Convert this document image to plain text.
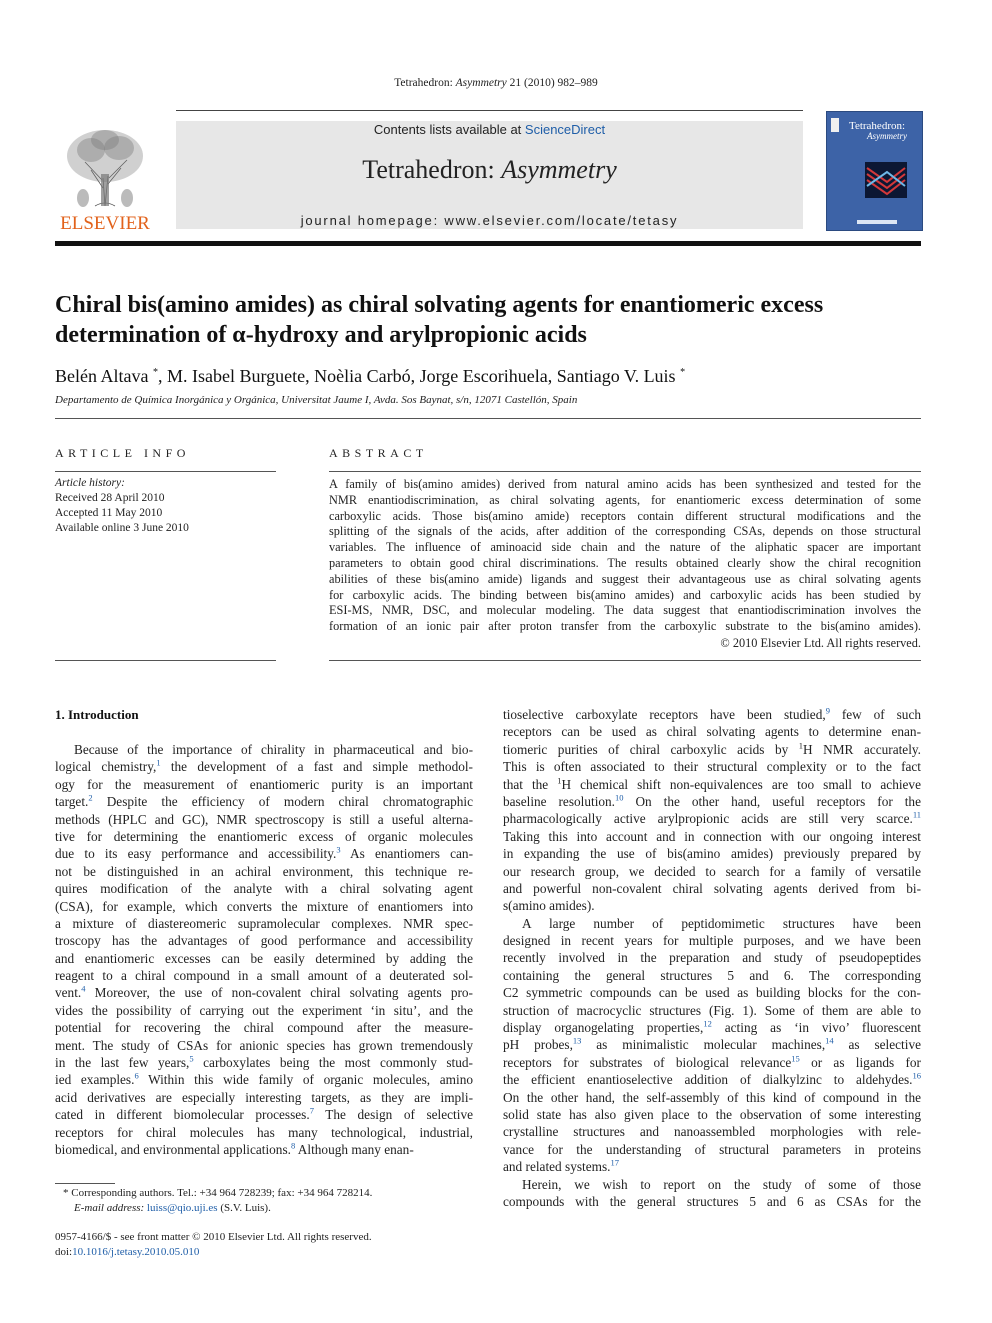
Tetrahedron: Asymmetry 21 (2010) 982–989
ELSEVIER
Contents lists available at ScienceDirect
Tetrahedron: Asymmetry
journal homepage: www.elsevier.com/locate/tetasy
Tetrahedron:
Asymmetry
Chiral bis(amino amides) as chiral solvating agents for enantiomeric excess
determination of α-hydroxy and arylpropionic acids
Belén Altava *, M. Isabel Burguete, Noèlia Carbó, Jorge Escorihuela, Santiago V. Luis *
Departamento de Química Inorgánica y Orgánica, Universitat Jaume I, Avda. Sos Baynat, s/n, 12071 Castellón, Spain
ARTICLE INFO	ABSTRACT
Article history:
Received 28 April 2010
Accepted 11 May 2010
Available online 3 June 2010
A family of bis(amino amides) derived from natural amino acids has been synthesized and tested for the
NMR enantiodiscrimination, as chiral solvating agents, for enantiomeric excess determination of some
carboxylic acids. Those bis(amino amide) receptors contain different structural modifications and the
splitting of the signals of the acids, after addition of the corresponding CSAs, depends on those structural
variables. The influence of aminoacid side chain and the nature of the aliphatic spacer are important
parameters to obtain good chiral discriminations. The results obtained clearly show the chiral recognition
abilities of these bis(amino amide) ligands and suggest their advantageous use as chiral solvating agents
for carboxylic acids. The binding between bis(amino amides) and carboxylic acids has been studied by
ESI-MS, NMR, DSC, and molecular modeling. The data suggest that enantiodiscrimination involves the
formation of an ionic pair after proton transfer from the carboxylic substrate to the bis(amino amides).
© 2010 Elsevier Ltd. All rights reserved.
1. Introduction
Because of the importance of chirality in pharmaceutical and bio-
logical chemistry,$^1$ the development of a fast and simple methodol-
ogy for the measurement of enantiomeric purity is an important
target.$^2$ Despite the efficiency of modern chiral chromatographic
methods (HPLC and GC), NMR spectroscopy is still a useful alterna-
tive for determining the enantiomeric excess of organic molecules
due to its easy performance and accessibility.$^3$ As enantiomers can-
not be distinguished in an achiral environment, this technique re-
quires modification of the analyte with a chiral solvating agent
(CSA), for example, which converts the mixture of enantiomers into
a mixture of diastereomeric supramolecular complexes. NMR spec-
troscopy has the advantages of good performance and accessibility
and enantiomeric excesses can be easily determined by adding the
reagent to a chiral compound in a small amount of a deuterated sol-
vent.$^4$ Moreover, the use of non-covalent chiral solvating agents pro-
vides the possibility of carrying out the experiment ‘in situ’, and the
potential for recovering the chiral compound after the measure-
ment. The study of CSAs for anionic species has grown tremendously
in the last few years,$^5$ carboxylates being the most commonly stud-
ied examples.$^6$ Within this wide family of organic molecules, amino
acid derivatives are especially interesting targets, as they are impli-
cated in different biomolecular processes.$^7$ The design of selective
receptors for chiral molecules has many technological, industrial,
biomedical, and environmental applications.$^8$ Although many enan-
tioselective carboxylate receptors have been studied,$^9$ few of such
receptors can be used as chiral solvating agents to determine enan-
tiomeric purities of chiral carboxylic acids by $^1$H NMR accurately.
This is often associated to their structural complexity or to the fact
that the $^1$H chemical shift non-equivalences are too small to achieve
baseline resolution.$^{10}$ On the other hand, useful receptors for the
pharmacologically active arylpropionic acids are still very scarce.$^{11}$
Taking this into account and in connection with our ongoing interest
in expanding the use of bis(amino amides) previously prepared by
our research group, we decided to search for a family of versatile
and powerful non-covalent chiral solvating agents derived from bi-
s(amino amides).
A large number of peptidomimetic structures have been
designed in recent years for multiple purposes, and we have been
recently involved in the preparation and study of pseudopeptides
containing the general structures 5 and 6. The corresponding
C2 symmetric compounds can be used as building blocks for the con-
struction of macrocyclic structures (Fig. 1). Some of them are able to
display organogelating properties,$^{12}$ acting as ‘in vivo’ fluorescent
pH probes,$^{13}$ as minimalistic molecular machines,$^{14}$ as selective
receptors for substrates of biological relevance$^{15}$ or as ligands for
the efficient enantioselective addition of dialkylzinc to aldehydes.$^{16}$
On the other hand, the self-assembly of this kind of compound in the
solid state has also given place to the observation of some interesting
crystalline structures and nanoassembled morphologies with rele-
vance for the understanding of structural parameters in proteins
and related systems.$^{17}$
Herein, we wish to report on the study of some of those
compounds with the general structures 5 and 6 as CSAs for the
* Corresponding authors. Tel.: +34 964 728239; fax: +34 964 728214.
E-mail address: luiss@qio.uji.es (S.V. Luis).
0957-4166/$ - see front matter © 2010 Elsevier Ltd. All rights reserved.
doi:10.1016/j.tetasy.2010.05.010
